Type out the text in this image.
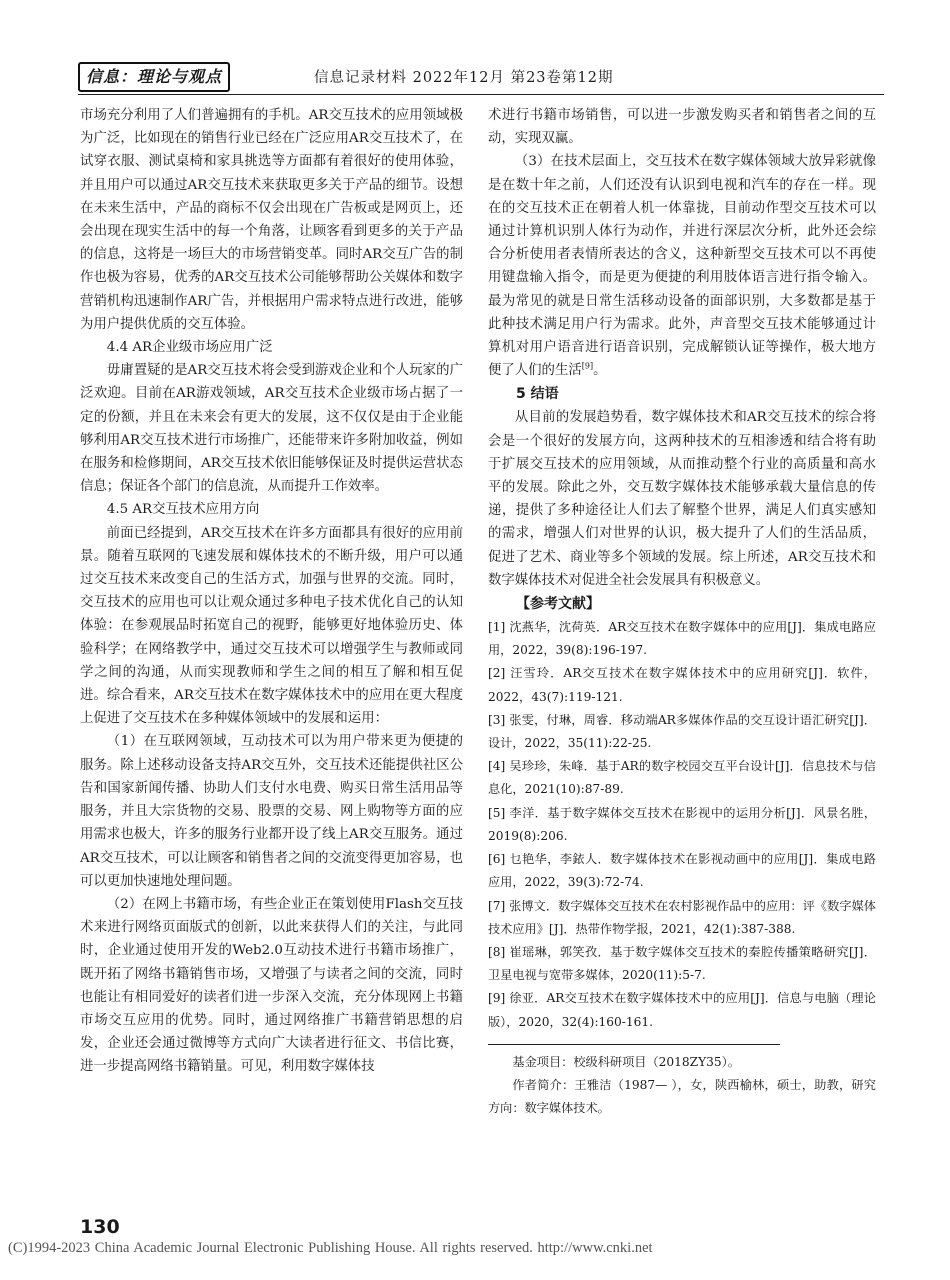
信息：理论与观点	信息记录材料 2022年12月 第23卷第12期

市场充分利用了人们普遍拥有的手机。AR交互技术的应用领域极为广泛，比如现在的销售行业已经在广泛应用AR交互技术了，在试穿衣服、测试桌椅和家具挑选等方面都有着很好的使用体验，并且用户可以通过AR交互技术来获取更多关于产品的细节。设想在未来生活中，产品的商标不仅会出现在广告板或是网页上，还会出现在现实生活中的每一个角落，让顾客看到更多的关于产品的信息，这将是一场巨大的市场营销变革。同时AR交互广告的制作也极为容易，优秀的AR交互技术公司能够帮助公关媒体和数字营销机构迅速制作AR广告，并根据用户需求特点进行改进，能够为用户提供优质的交互体验。

4.4 AR企业级市场应用广泛

毋庸置疑的是AR交互技术将会受到游戏企业和个人玩家的广泛欢迎。目前在AR游戏领域，AR交互技术企业级市场占据了一定的份额，并且在未来会有更大的发展，这不仅仅是由于企业能够利用AR交互技术进行市场推广，还能带来许多附加收益，例如在服务和检修期间，AR交互技术依旧能够保证及时提供运营状态信息；保证各个部门的信息流，从而提升工作效率。

4.5 AR交互技术应用方向

前面已经提到，AR交互技术在许多方面都具有很好的应用前景。随着互联网的飞速发展和媒体技术的不断升级，用户可以通过交互技术来改变自己的生活方式，加强与世界的交流。同时，交互技术的应用也可以让观众通过多种电子技术优化自己的认知体验：在参观展品时拓宽自己的视野，能够更好地体验历史、体验科学；在网络教学中，通过交互技术可以增强学生与教师或同学之间的沟通，从而实现教师和学生之间的相互了解和相互促进。综合看来，AR交互技术在数字媒体技术中的应用在更大程度上促进了交互技术在多种媒体领域中的发展和运用：

（1）在互联网领域，互动技术可以为用户带来更为便捷的服务。除上述移动设备支持AR交互外，交互技术还能提供社区公告和国家新闻传播、协助人们支付水电费、购买日常生活用品等服务，并且大宗货物的交易、股票的交易、网上购物等方面的应用需求也极大，许多的服务行业都开设了线上AR交互服务。通过AR交互技术，可以让顾客和销售者之间的交流变得更加容易，也可以更加快速地处理问题。

（2）在网上书籍市场，有些企业正在策划使用Flash交互技术来进行网络页面版式的创新，以此来获得人们的关注，与此同时，企业通过使用开发的Web2.0互动技术进行书籍市场推广，既开拓了网络书籍销售市场，又增强了与读者之间的交流，同时也能让有相同爱好的读者们进一步深入交流，充分体现网上书籍市场交互应用的优势。同时，通过网络推广书籍营销思想的启发，企业还会通过微博等方式向广大读者进行征文、书信比赛，进一步提高网络书籍销量。可见，利用数字媒体技

术进行书籍市场销售，可以进一步激发购买者和销售者之间的互动，实现双赢。

（3）在技术层面上，交互技术在数字媒体领域大放异彩就像是在数十年之前，人们还没有认识到电视和汽车的存在一样。现在的交互技术正在朝着人机一体靠拢，目前动作型交互技术可以通过计算机识别人体行为动作，并进行深层次分析，此外还会综合分析使用者表情所表达的含义，这种新型交互技术可以不再使用键盘输入指令，而是更为便捷的利用肢体语言进行指令输入。最为常见的就是日常生活移动设备的面部识别，大多数都是基于此种技术满足用户行为需求。此外，声音型交互技术能够通过计算机对用户语音进行语音识别，完成解锁认证等操作，极大地方便了人们的生活[9]。

5 结语

从目前的发展趋势看，数字媒体技术和AR交互技术的综合将会是一个很好的发展方向，这两种技术的互相渗透和结合将有助于扩展交互技术的应用领域，从而推动整个行业的高质量和高水平的发展。除此之外，交互数字媒体技术能够承载大量信息的传递，提供了多种途径让人们去了解整个世界，满足人们真实感知的需求，增强人们对世界的认识，极大提升了人们的生活品质，促进了艺术、商业等多个领域的发展。综上所述，AR交互技术和数字媒体技术对促进全社会发展具有积极意义。

【参考文献】

[1] 沈燕华，沈荷英．AR交互技术在数字媒体中的应用[J]．集成电路应用，2022，39(8):196-197.
[2] 汪雪玲．AR交互技术在数字媒体技术中的应用研究[J]．软件，2022，43(7):119-121.
[3] 张雯，付琳，周睿．移动端AR多媒体作品的交互设计语汇研究[J]．设计，2022，35(11):22-25.
[4] 吴珍珍，朱峰．基于AR的数字校园交互平台设计[J]．信息技术与信息化，2021(10):87-89.
[5] 李洋．基于数字媒体交互技术在影视中的运用分析[J]．风景名胜，2019(8):206.
[6] 乜艳华，李銥人．数字媒体技术在影视动画中的应用[J]．集成电路应用，2022，39(3):72-74.
[7] 张博文．数字媒体交互技术在农村影视作品中的应用：评《数字媒体技术应用》[J]．热带作物学报，2021，42(1):387-388.
[8] 崔瑶琳，郭笑孜．基于数字媒体交互技术的秦腔传播策略研究[J]．卫星电视与宽带多媒体，2020(11):5-7.
[9] 徐亚．AR交互技术在数字媒体技术中的应用[J]．信息与电脑（理论版），2020，32(4):160-161.

基金项目：校级科研项目（2018ZY35）。

作者简介：王雅洁（1987— ），女，陕西榆林，硕士，助教，研究方向：数字媒体技术。

130
(C)1994-2023 China Academic Journal Electronic Publishing House. All rights reserved. http://www.cnki.net
